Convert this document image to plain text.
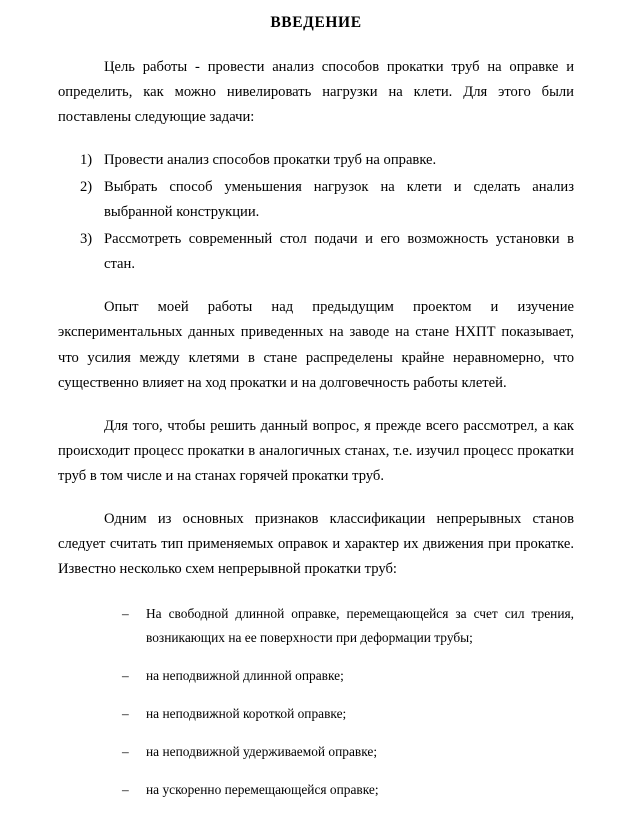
ВВЕДЕНИЕ

Цель работы - провести анализ способов прокатки труб на оправке и определить, как можно нивелировать нагрузки на клети. Для этого были поставлены следующие задачи:

1) Провести анализ способов прокатки труб на оправке.
2) Выбрать способ уменьшения нагрузок на клети и сделать анализ выбранной конструкции.
3) Рассмотреть современный стол подачи и его возможность установки в стан.

Опыт моей работы над предыдущим проектом и изучение экспериментальных данных приведенных на заводе на стане НХПТ показывает, что усилия между клетями в стане распределены крайне неравномерно, что существенно влияет на ход прокатки и на долговечность работы клетей.

Для того, чтобы решить данный вопрос, я прежде всего рассмотрел, а как происходит процесс прокатки в аналогичных станах, т.е. изучил процесс прокатки труб в том числе и на станах горячей прокатки труб.

Одним из основных признаков классификации непрерывных станов следует считать тип применяемых оправок и характер их движения при прокатке. Известно несколько схем непрерывной прокатки труб:

– На свободной длинной оправке, перемещающейся за счет сил трения, возникающих на ее поверхности при деформации трубы;
– на неподвижной длинной оправке;
– на неподвижной короткой оправке;
– на неподвижной удерживаемой оправке;
– на ускоренно перемещающейся оправке;
